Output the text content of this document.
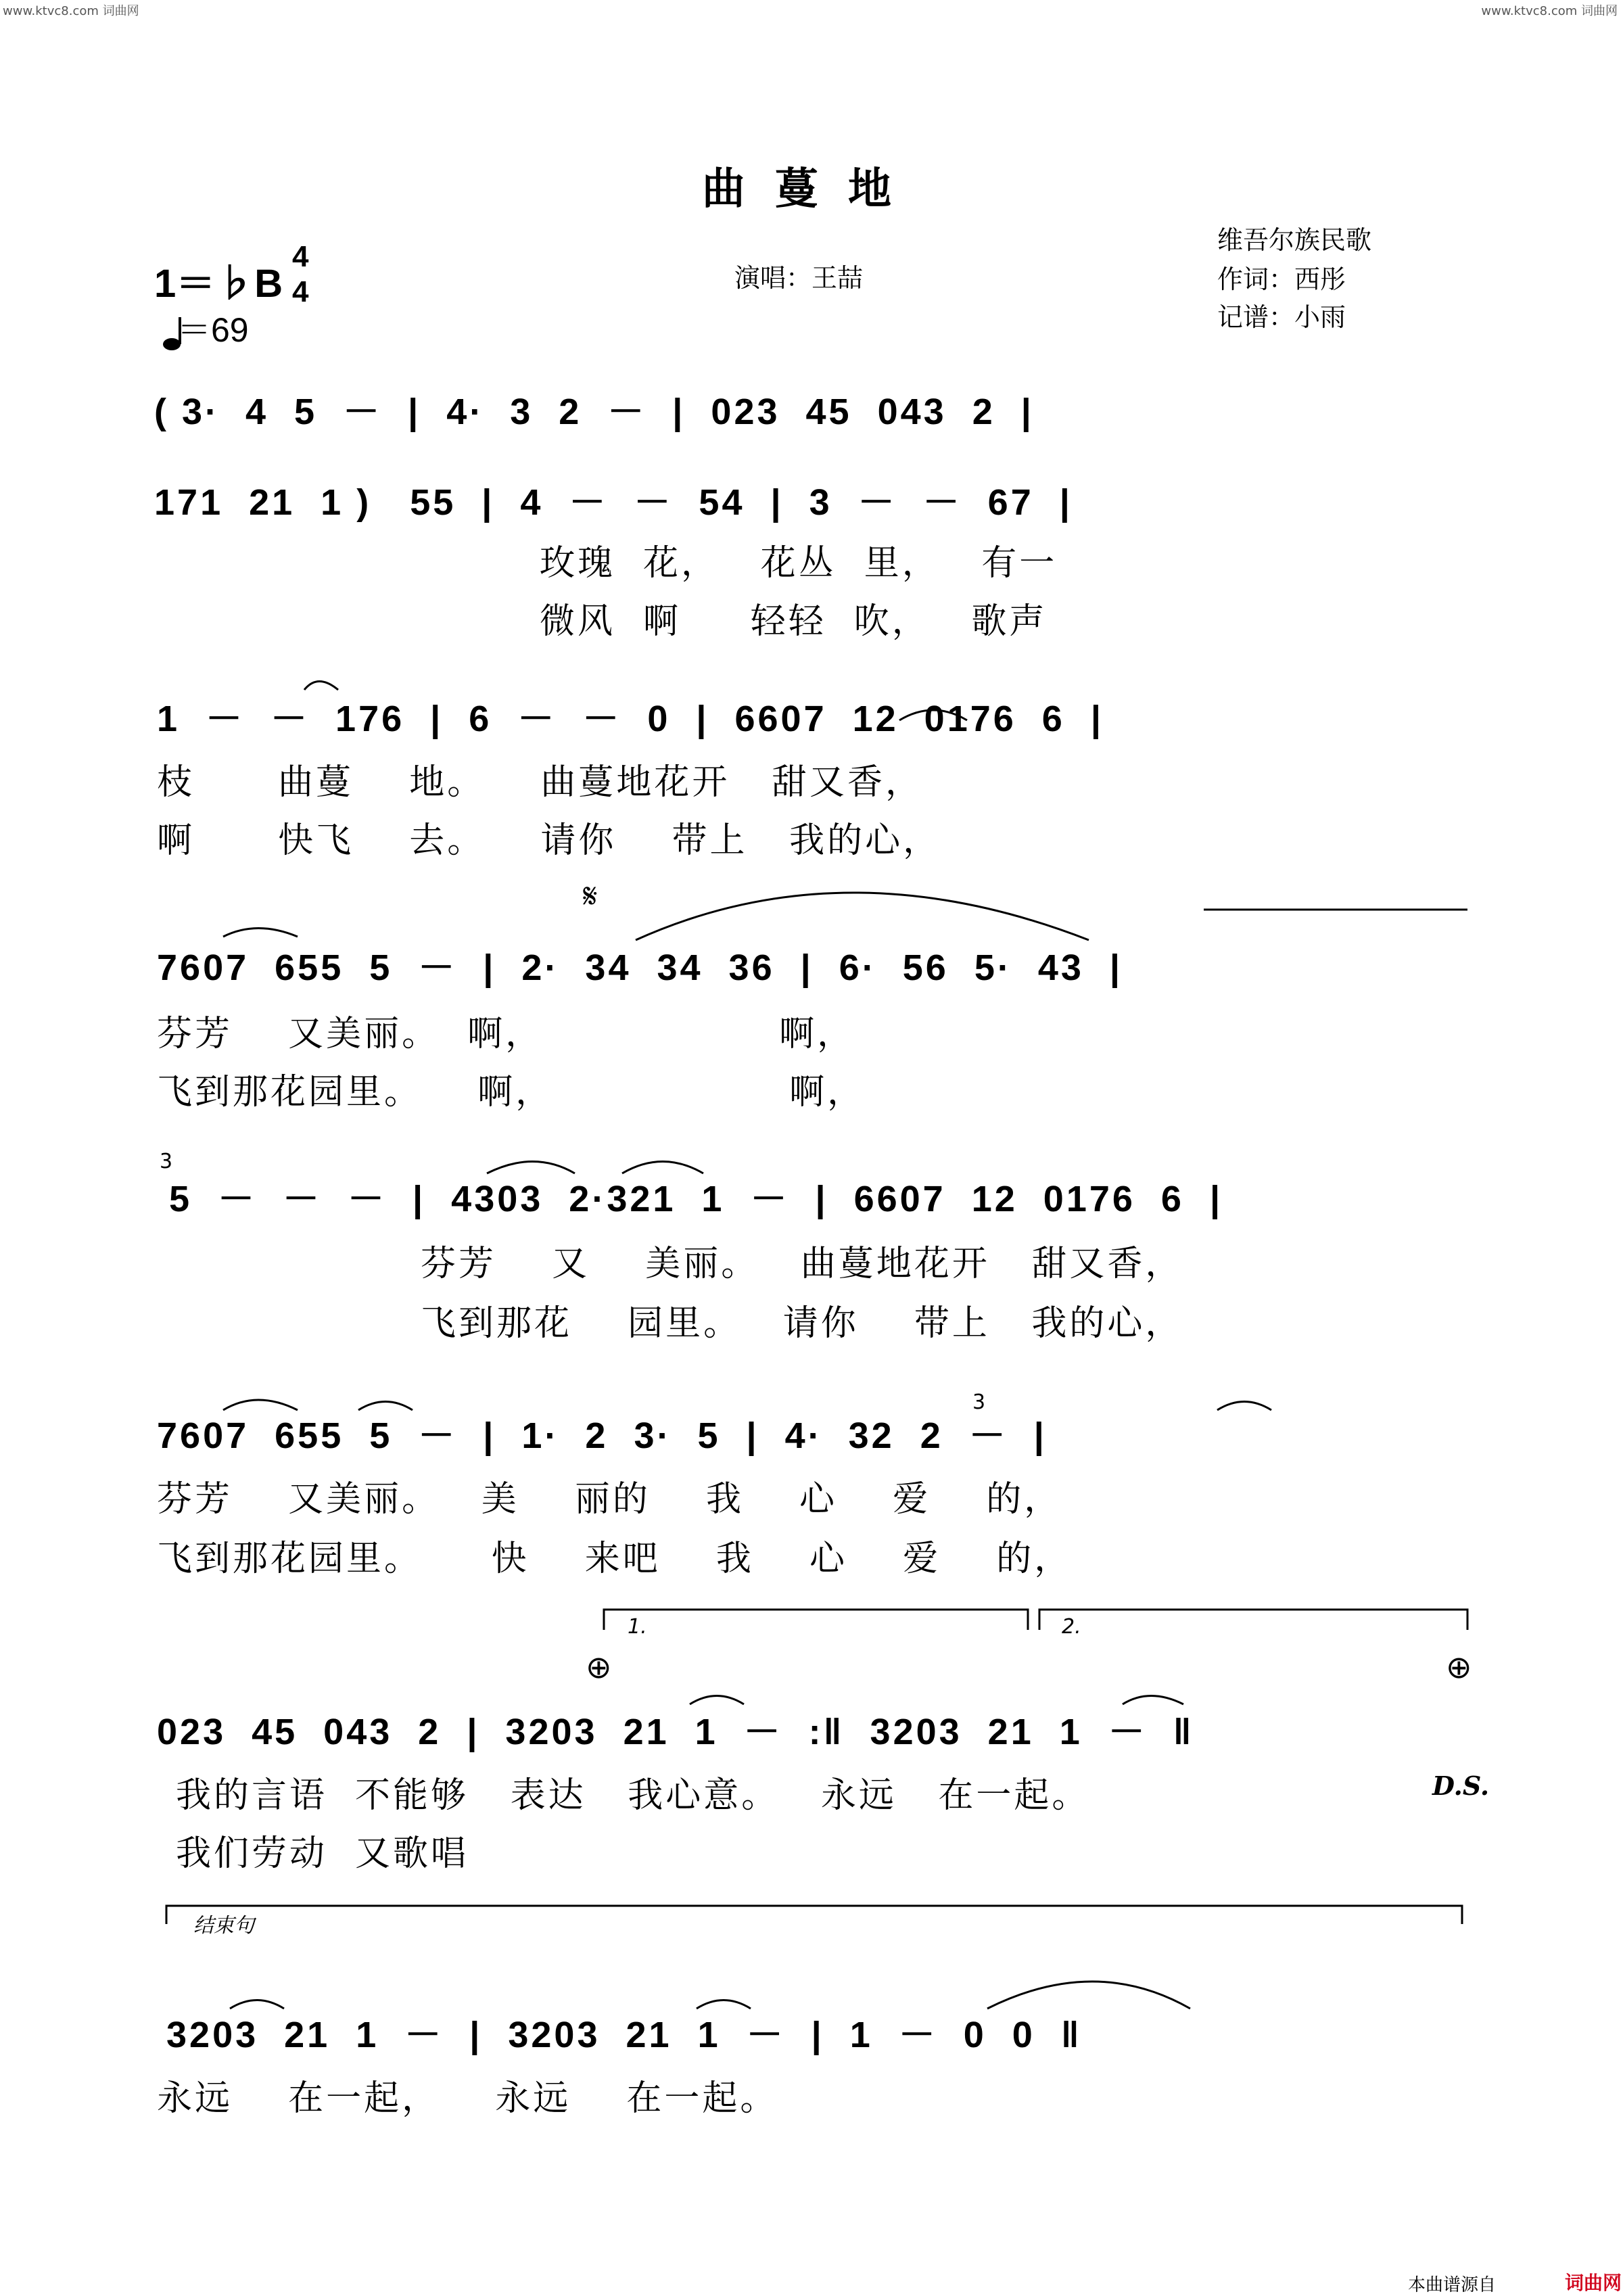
www.ktvc8.com 词曲网	www.ktvc8.com 词曲网
曲蔓地
1＝♭B
4
4

＝69
演唱：王喆
维吾尔族民歌
作词：西彤
记谱：小雨
( 3·  4  5  －  |  4·  3  2  －  |  023  45  043  2  |
171  21  1 )   55  |  4  －  －  54  |  3  －  －  67  |
玫瑰  花，   花丛  里，   有一
微风  啊     轻轻  吹，   歌声
1  －  －  176  |  6  －  －  0  |  6607  12  0176  6  |
枝      曲蔓    地。    曲蔓地花开   甜又香，
啊      快飞    去。    请你    带上   我的心，
𝄋
7607  655  5  －  |  2·  34  34  36  |  6·  56  5·  43  |
芬芳    又美丽。  啊，                 啊，
飞到那花园里。    啊，                 啊，
3
5  －  －  －  |  4303  2·321  1  －  |  6607  12  0176  6  |
芬芳    又    美丽。   曲蔓地花开   甜又香，
飞到那花    园里。   请你    带上   我的心，
3
7607  655  5  －  |  1·  2  3·  5  |  4·  32  2  －  |
芬芳    又美丽。   美    丽的    我    心    爱    的，
飞到那花园里。     快    来吧    我    心    爱    的，
1.	2.
⊕	⊕
023  45  043  2  |  3203  21  1  －  :‖  3203  21  1  －  ‖
我的言语  不能够   表达   我心意。   永远   在一起。
我们劳动  又歌唱
D.S.
结束句
3203  21  1  －  |  3203  21  1  －  |  1  －  0  0  ‖
永远    在一起，    永远    在一起。
本曲谱源自	词曲网
